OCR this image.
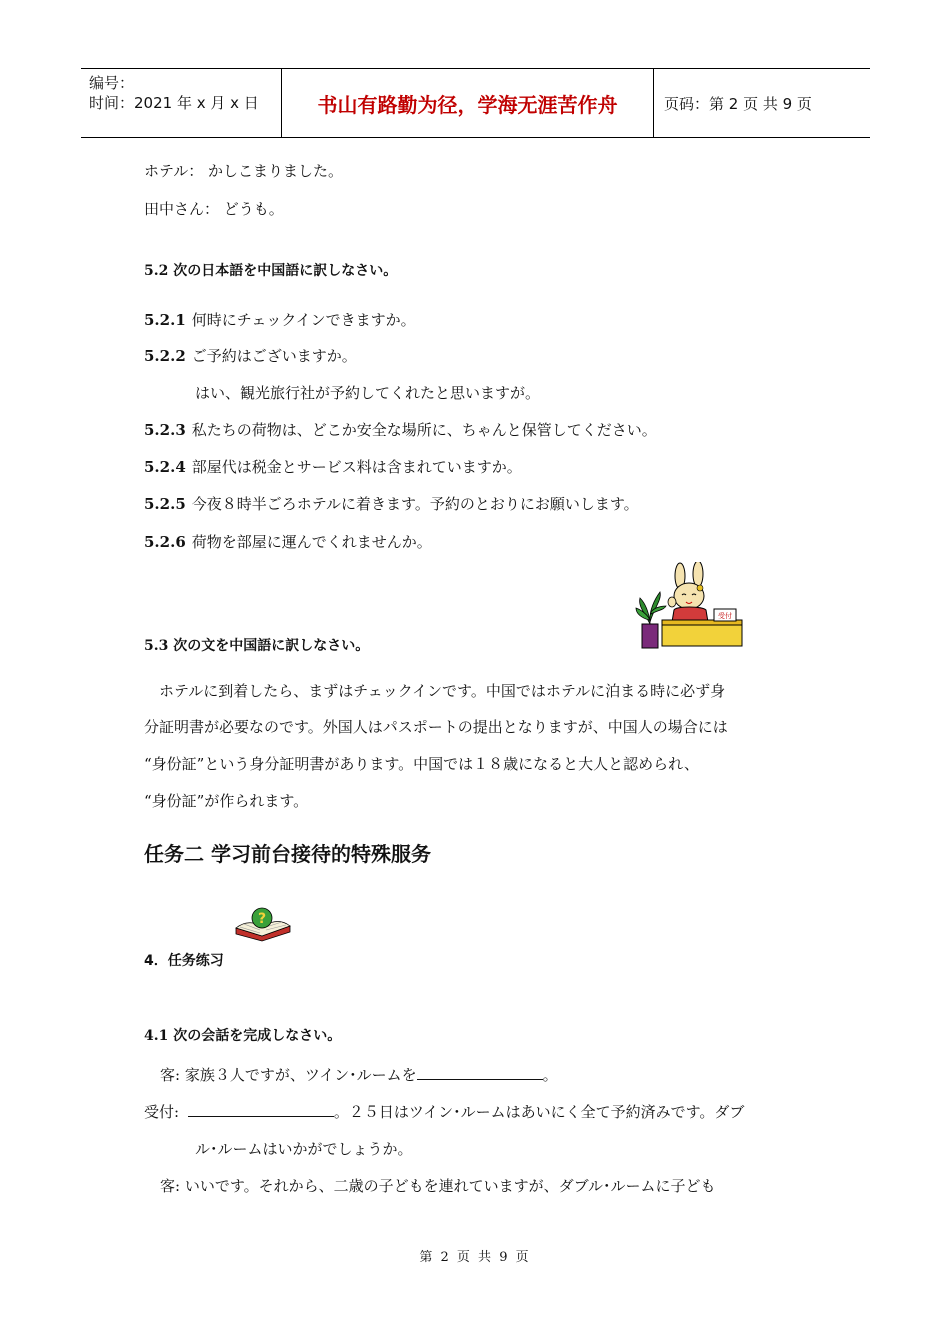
编号：
时间：2021 年 x 月 x 日	书山有路勤为径，学海无涯苦作舟	页码：第 2 页 共 9 页
ホテル： かしこまりました。
田中さん： どうも。
5.2 次の日本語を中国語に訳しなさい。
5.2.1 何時にチェックインできますか。
5.2.2 ご予約はございますか。
はい、観光旅行社が予約してくれたと思いますが。
5.2.3 私たちの荷物は、どこか安全な場所に、ちゃんと保管してください。
5.2.4 部屋代は税金とサービス料は含まれていますか。
5.2.5 今夜８時半ごろホテルに着きます。予約のとおりにお願いします。
5.2.6 荷物を部屋に運んでくれませんか。
受付
5.3 次の文を中国語に訳しなさい。
　ホテルに到着したら、まずはチェックインです。中国ではホテルに泊まる時に必ず身
分証明書が必要なのです。外国人はパスポートの提出となりますが、中国人の場合には
“身份証”という身分証明書があります。中国では１８歳になると大人と認められ、
“身份証”が作られます。
任务二 学习前台接待的特殊服务
?
4．任务练习
4.1 次の会話を完成しなさい。
客: 家族３人ですが、ツイン･ルームを	。
受付:	。２５日はツイン･ルームはあいにく全て予約済みです。ダブ
ル･ルームはいかがでしょうか。
客: いいです。それから、二歳の子どもを連れていますが、ダブル･ルームに子ども
第 2 页 共 9 页
